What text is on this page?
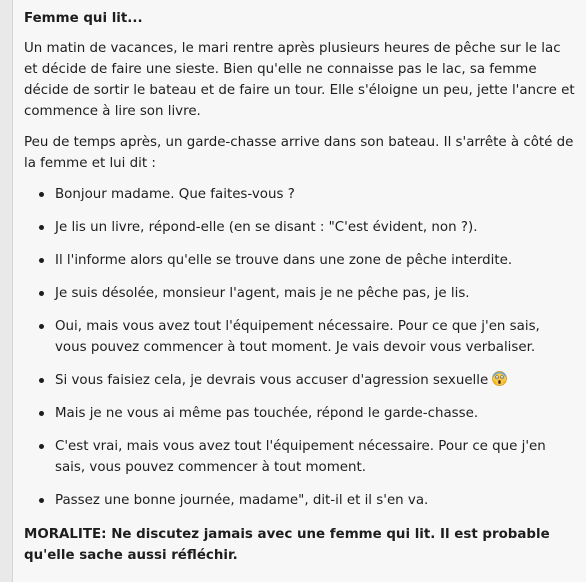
Femme qui lit...

Un matin de vacances, le mari rentre après plusieurs heures de pêche sur le lac et décide de faire une sieste. Bien qu'elle ne connaisse pas le lac, sa femme décide de sortir le bateau et de faire un tour. Elle s'éloigne un peu, jette l'ancre et commence à lire son livre.

Peu de temps après, un garde-chasse arrive dans son bateau. Il s'arrête à côté de la femme et lui dit :

Bonjour madame. Que faites-vous ?
Je lis un livre, répond-elle (en se disant : "C'est évident, non ?).
Il l'informe alors qu'elle se trouve dans une zone de pêche interdite.
Je suis désolée, monsieur l'agent, mais je ne pêche pas, je lis.
Oui, mais vous avez tout l'équipement nécessaire. Pour ce que j'en sais, vous pouvez commencer à tout moment. Je vais devoir vous verbaliser.
Si vous faisiez cela, je devrais vous accuser d'agression sexuelle
Mais je ne vous ai même pas touchée, répond le garde-chasse.
C'est vrai, mais vous avez tout l'équipement nécessaire. Pour ce que j'en sais, vous pouvez commencer à tout moment.
Passez une bonne journée, madame", dit-il et il s'en va.

MORALITE: Ne discutez jamais avec une femme qui lit. Il est probable qu'elle sache aussi réfléchir.
